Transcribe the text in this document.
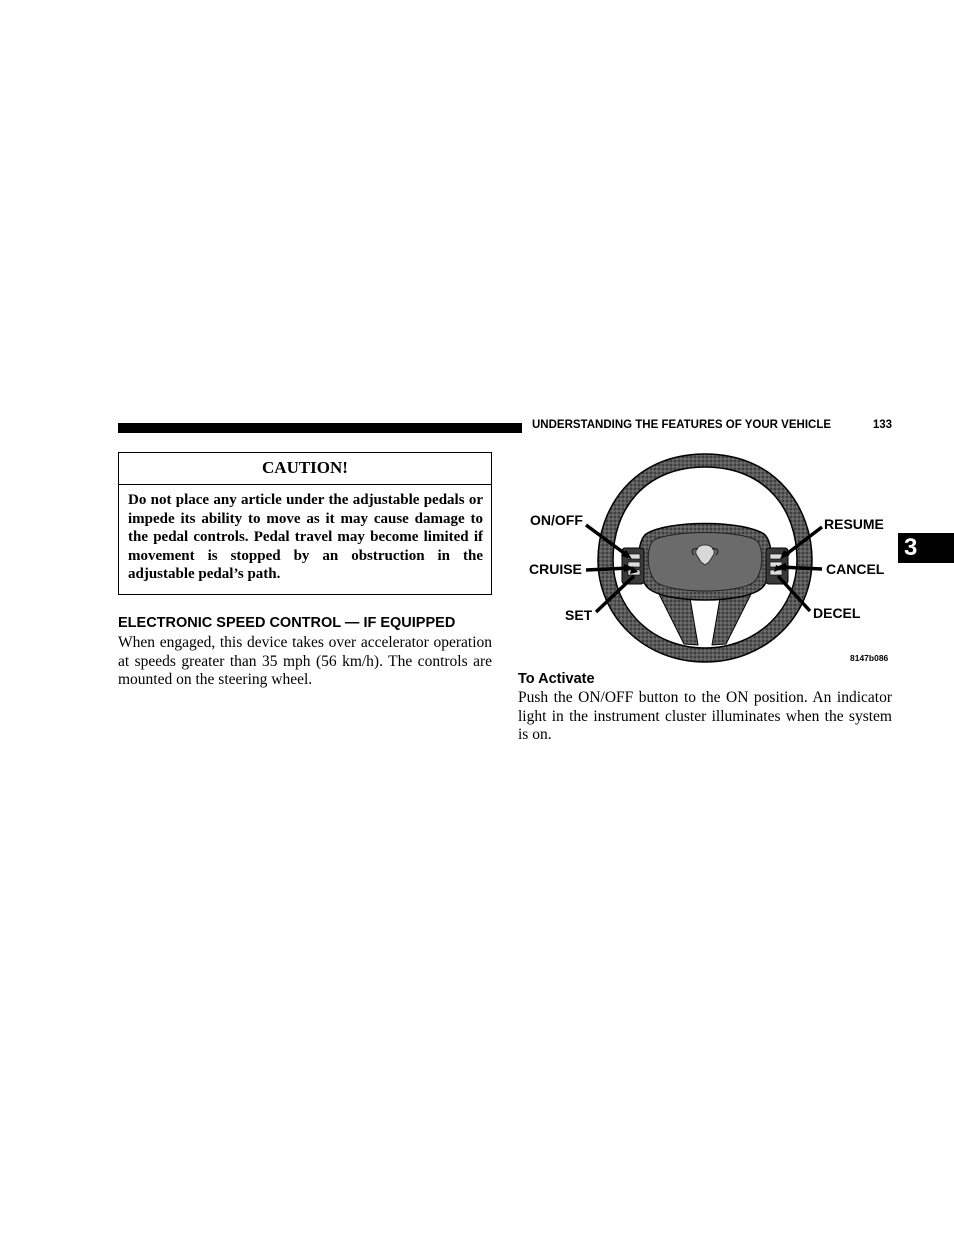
UNDERSTANDING THE FEATURES OF YOUR VEHICLE	133
3
CAUTION!
Do not place any article under the adjustable pedals or impede its ability to move as it may cause damage to the pedal controls. Pedal travel may become limited if movement is stopped by an obstruction in the adjustable pedal’s path.
ELECTRONIC SPEED CONTROL — IF EQUIPPED
When engaged, this device takes over accelerator operation at speeds greater than 35 mph (56 km/h). The controls are mounted on the steering wheel.
ON/OFF
CRUISE
SET
RESUME
CANCEL
DECEL
8147b086
To Activate
Push the ON/OFF button to the ON position. An indicator light in the instrument cluster illuminates when the system is on.
